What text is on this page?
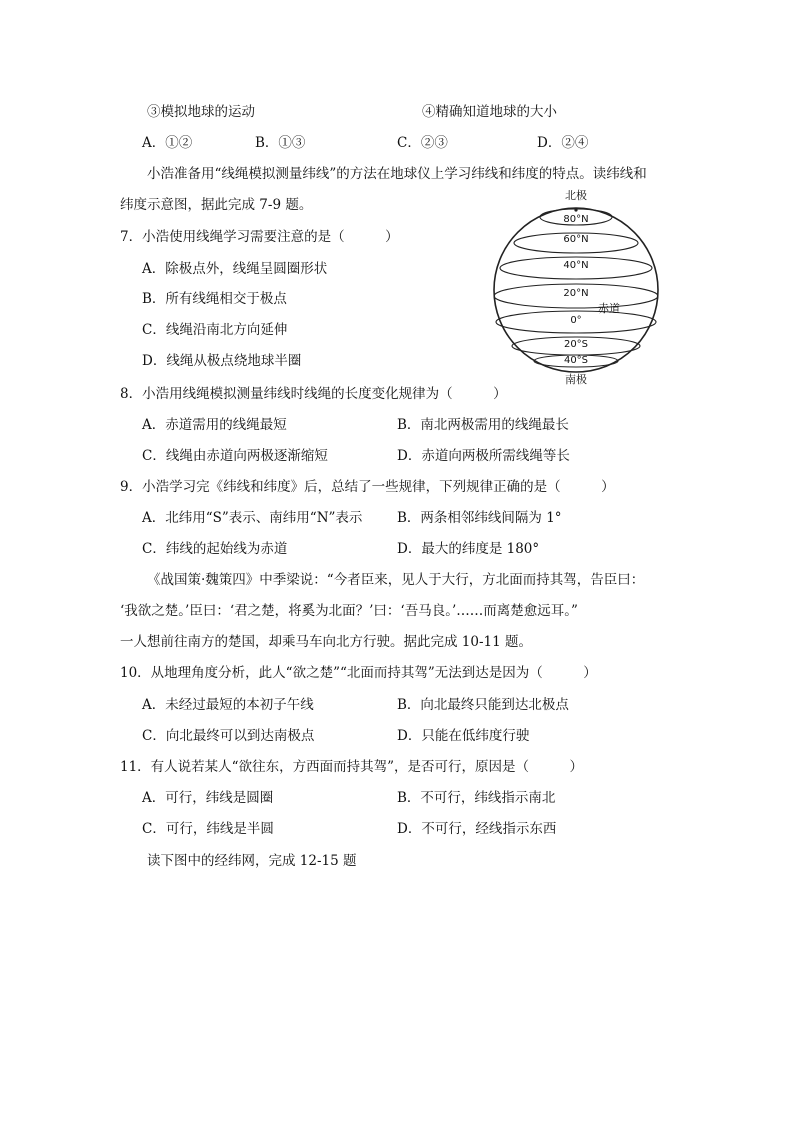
③模拟地球的运动	④精确知道地球的大小
A．①②	B．①③	C．②③	D．②④
小浩准备用“线绳模拟测量纬线”的方法在地球仪上学习纬线和纬度的特点。读纬线和
纬度示意图，据此完成 7-9 题。
7．小浩使用线绳学习需要注意的是（　　　）
A．除极点外，线绳呈圆圈形状
B．所有线绳相交于极点
C．线绳沿南北方向延伸
D．线绳从极点绕地球半圈
北极
80°N
60°N
40°N
20°N
赤道
0°
20°S
40°S
南极
8．小浩用线绳模拟测量纬线时线绳的长度变化规律为（　　　）
A．赤道需用的线绳最短	B．南北两极需用的线绳最长
C．线绳由赤道向两极逐渐缩短	D．赤道向两极所需线绳等长
9．小浩学习完《纬线和纬度》后，总结了一些规律，下列规律正确的是（　　　）
A．北纬用“S”表示、南纬用“N”表示	B．两条相邻纬线间隔为 1°
C．纬线的起始线为赤道	D．最大的纬度是 180°
《战国策·魏策四》中季梁说：“今者臣来，见人于大行，方北面而持其驾，告臣曰：
‘我欲之楚。’臣曰：‘君之楚，将奚为北面？’曰：‘吾马良。’……而离楚愈远耳。”
一人想前往南方的楚国，却乘马车向北方行驶。据此完成 10-11 题。
10．从地理角度分析，此人“欲之楚”“北面而持其驾”无法到达是因为（　　　）
A．未经过最短的本初子午线	B．向北最终只能到达北极点
C．向北最终可以到达南极点	D．只能在低纬度行驶
11．有人说若某人“欲往东，方西面而持其驾”，是否可行，原因是（　　　）
A．可行，纬线是圆圈	B．不可行，纬线指示南北
C．可行，纬线是半圆	D．不可行，经线指示东西
读下图中的经纬网，完成 12-15 题
